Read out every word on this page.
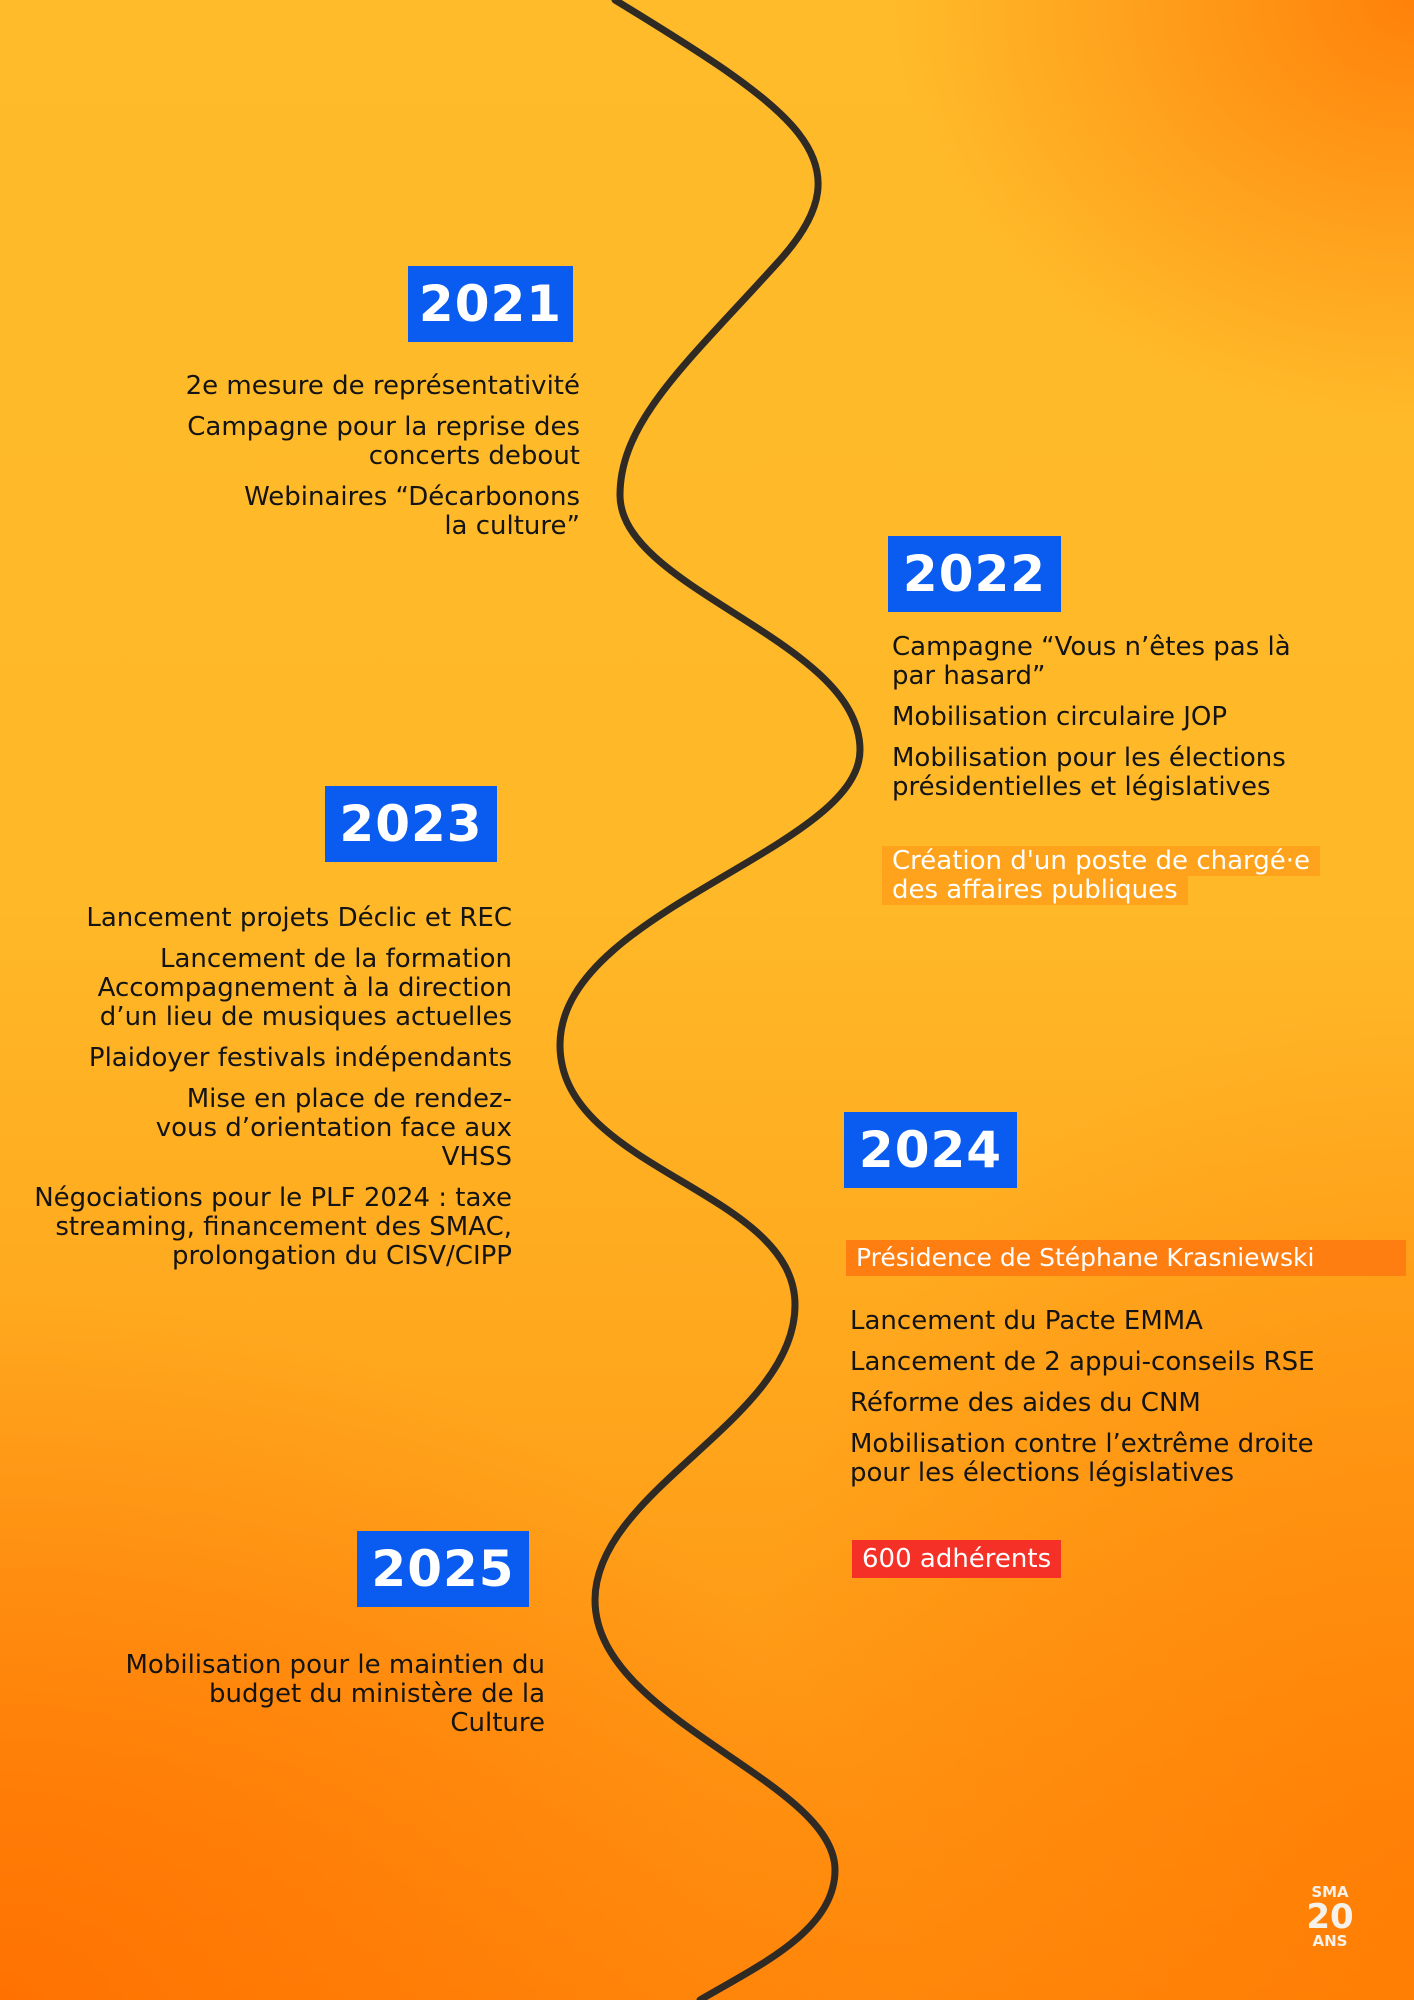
2021
2e mesure de représentativité
Campagne pour la reprise des concerts debout
Webinaires “Décarbonons la culture”
2022
Campagne “Vous n’êtes pas là par hasard”
Mobilisation circulaire JOP
Mobilisation pour les élections présidentielles et législatives
Création d'un poste de chargé·e des affaires publiques
2023
Lancement projets Déclic et REC
Lancement de la formation Accompagnement à la direction d’un lieu de musiques actuelles
Plaidoyer festivals indépendants
Mise en place de rendez-vous d’orientation face aux VHSS
Négociations pour le PLF 2024 : taxe streaming, financement des SMAC, prolongation du CISV/CIPP
2024
Présidence de Stéphane Krasniewski
Lancement du Pacte EMMA
Lancement de 2 appui-conseils RSE
Réforme des aides du CNM
Mobilisation contre l’extrême droite pour les élections législatives
600 adhérents
2025
Mobilisation pour le maintien du budget du ministère de la Culture
SMA
20
ANS
